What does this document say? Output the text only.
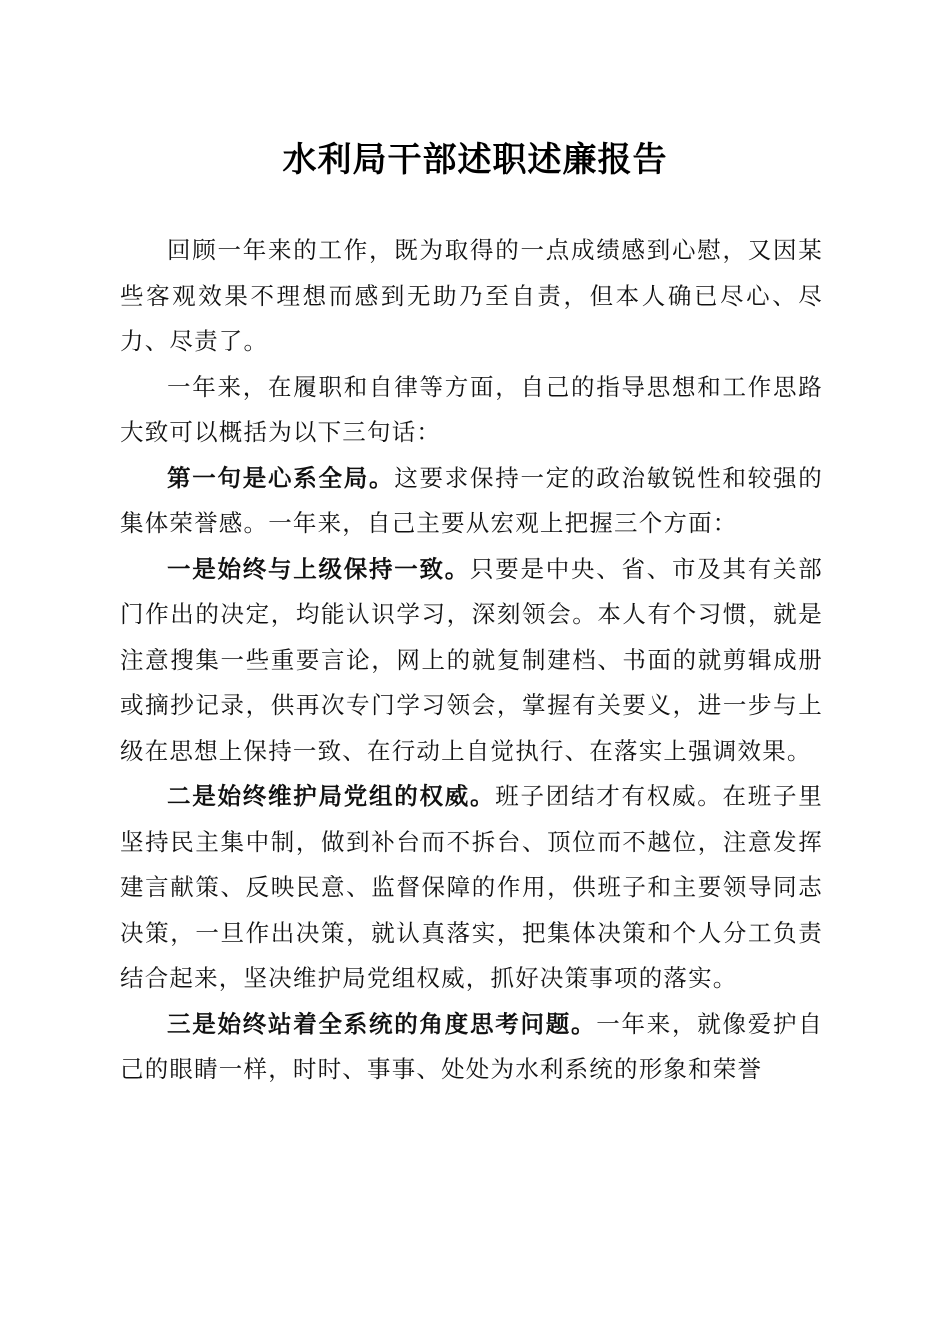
水利局干部述职述廉报告

回顾一年来的工作，既为取得的一点成绩感到心慰，又因某些客观效果不理想而感到无助乃至自责，但本人确已尽心、尽力、尽责了。

一年来，在履职和自律等方面，自己的指导思想和工作思路大致可以概括为以下三句话：

第一句是心系全局。这要求保持一定的政治敏锐性和较强的集体荣誉感。一年来，自己主要从宏观上把握三个方面：

一是始终与上级保持一致。只要是中央、省、市及其有关部门作出的决定，均能认识学习，深刻领会。本人有个习惯，就是注意搜集一些重要言论，网上的就复制建档、书面的就剪辑成册或摘抄记录，供再次专门学习领会，掌握有关要义，进一步与上级在思想上保持一致、在行动上自觉执行、在落实上强调效果。

二是始终维护局党组的权威。班子团结才有权威。在班子里坚持民主集中制，做到补台而不拆台、顶位而不越位，注意发挥建言献策、反映民意、监督保障的作用，供班子和主要领导同志决策，一旦作出决策，就认真落实，把集体决策和个人分工负责结合起来，坚决维护局党组权威，抓好决策事项的落实。

三是始终站着全系统的角度思考问题。一年来，就像爱护自己的眼睛一样，时时、事事、处处为水利系统的形象和荣誉
